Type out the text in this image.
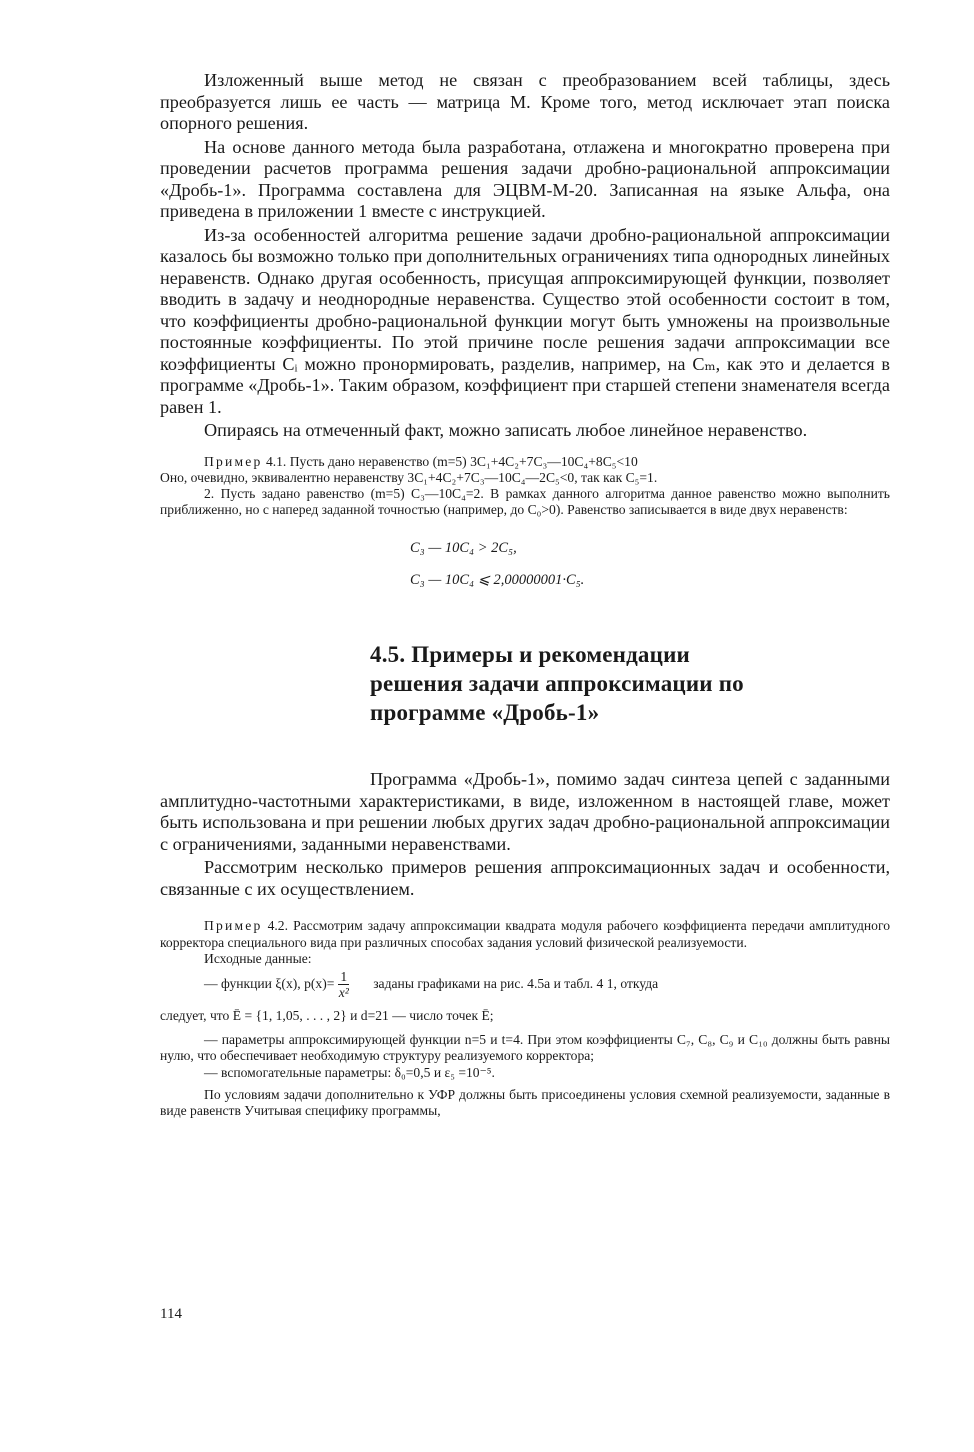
Изложенный выше метод не связан с преобразованием всей таблицы, здесь преобразуется лишь ее часть — матрица M. Кроме того, метод исключает этап поиска опорного решения.

На основе данного метода была разработана, отлажена и многократно проверена при проведении расчетов программа решения задачи дробно-рациональной аппроксимации «Дробь-1». Программа составлена для ЭЦВМ-М-20. Записанная на языке Альфа, она приведена в приложении 1 вместе с инструкцией.

Из-за особенностей алгоритма решение задачи дробно-рациональной аппроксимации казалось бы возможно только при дополнительных ограничениях типа однородных линейных неравенств. Однако другая особенность, присущая аппроксимирующей функции, позволяет вводить в задачу и неоднородные неравенства. Существо этой особенности состоит в том, что коэффициенты дробно-рациональной функции могут быть умножены на произвольные постоянные коэффициенты. По этой причине после решения задачи аппроксимации все коэффициенты Cᵢ можно пронормировать, разделив, например, на Cₘ, как это и делается в программе «Дробь-1». Таким образом, коэффициент при старшей степени знаменателя всегда равен 1.

Опираясь на отмеченный факт, можно записать любое линейное неравенство.

Пример 4.1. Пусть дано неравенство (m=5) 3C₁+4C₂+7C₃—10C₄+8C₅<10

Оно, очевидно, эквивалентно неравенству 3C₁+4C₂+7C₃—10C₄—2C₅<0, так как C₅=1.

2. Пусть задано равенство (m=5) C₃—10C₄=2. В рамках данного алгоритма данное равенство можно выполнить приближенно, но с наперед заданной точностью (например, до C₀>0). Равенство записывается в виде двух неравенств:

C₃ — 10C₄ > 2C₅,

C₃ — 10C₄ ⩽ 2,00000001·C₅.

4.5. Примеры и рекомендации

решения задачи аппроксимации по

программе «Дробь-1»

Программа «Дробь-1», помимо задач синтеза цепей с заданными амплитудно-частотными характеристиками, в виде, изложенном в настоящей главе, может быть использована и при решении любых других задач дробно-рациональной аппроксимации с ограничениями, заданными неравенствами.

Рассмотрим несколько примеров решения аппроксимационных задач и особенности, связанные с их осуществлением.

Пример 4.2. Рассмотрим задачу аппроксимации квадрата модуля рабочего коэффициента передачи амплитудного корректора специального вида при различных способах задания условий физической реализуемости.

Исходные данные:

— функции ξ(x), $p(x)= \frac{1}{\text{x²}}$ заданы графиками на рис. 4.5a и табл. 4 1, откуда

следует, что Ē = {1, 1,05, . . . , 2} и d=21 — число точек Ē;

— параметры аппроксимирующей функции n=5 и t=4. При этом коэффициенты C₇, C₈, C₉ и C₁₀ должны быть равны нулю, что обеспечивает необходимую структуру реализуемого корректора;

— вспомогательные параметры: δ₀=0,5 и ε₅ =10⁻⁵.

По условиям задачи дополнительно к УФР должны быть присоединены условия схемной реализуемости, заданные в виде равенств Учитывая специфику программы,

114
